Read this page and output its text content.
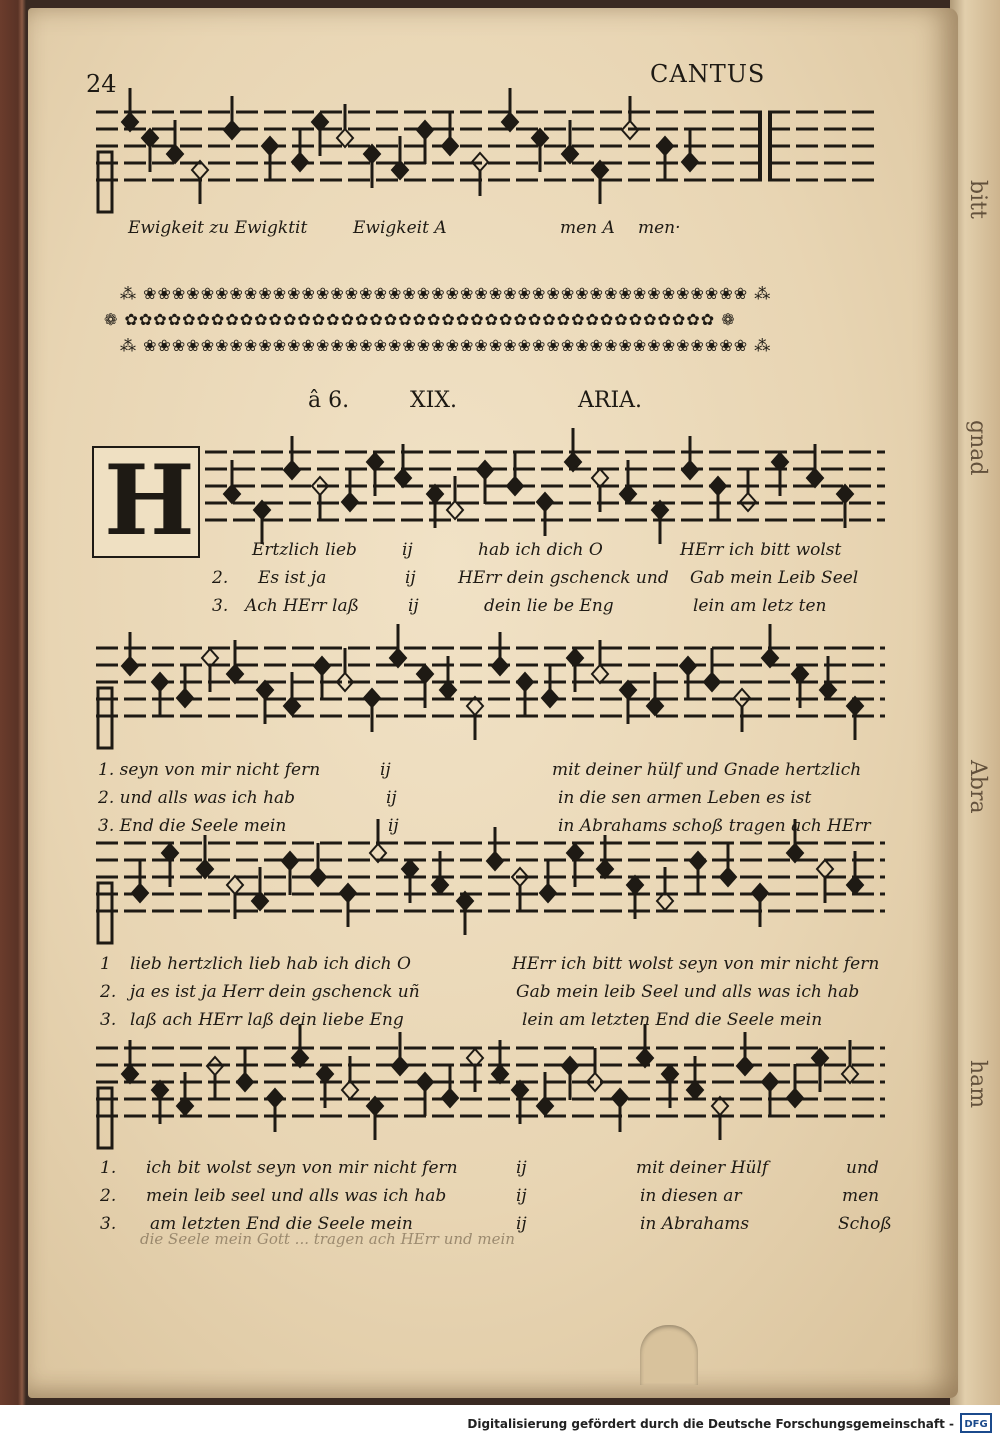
bitt
gnad
Abra
ham
24	CANTUS
Ewigkeit zu Ewigktit	Ewigkeit A	men A men·
⁂ ❀❀❀❀❀❀❀❀❀❀❀❀❀❀❀❀❀❀❀❀❀❀❀❀❀❀❀❀❀❀❀❀❀❀❀❀❀❀❀❀❀❀ ⁂
❁ ✿✿✿✿✿✿✿✿✿✿✿✿✿✿✿✿✿✿✿✿✿✿✿✿✿✿✿✿✿✿✿✿✿✿✿✿✿✿✿✿✿ ❁
⁂ ❀❀❀❀❀❀❀❀❀❀❀❀❀❀❀❀❀❀❀❀❀❀❀❀❀❀❀❀❀❀❀❀❀❀❀❀❀❀❀❀❀❀ ⁂
â 6.	XIX.	ARIA.
H	Ertzlich lieb	ij	hab ich dich O	HErr ich bitt wolst
2. Es ist ja	ij HErr dein gschenck und Gab mein Leib Seel
3. Ach HErr laß	ij	dein lie be Eng	lein am letz ten
1. seyn von mir nicht fern	ij	mit deiner hülf und Gnade hertzlich
2. und alls was ich hab	ij	in die sen armen Leben es ist
3. End die Seele mein	ij	in Abrahams schoß tragen ach HErr
1 lieb hertzlich lieb hab ich dich O	HErr ich bitt wolst seyn von mir nicht fern
2. ja es ist ja Herr dein gschenck uñ	Gab mein leib Seel und alls was ich hab
3. laß ach HErr laß dein liebe Eng	lein am letzten End die Seele mein
1. ich bit wolst seyn von mir nicht fern	ij	mit deiner Hülf	und
2. mein leib seel und alls was ich hab	ij	in diesen ar	men
3. am letzten End die Seele mein	ij	in Abrahams	Schoß
die Seele mein Gott ... tragen ach HErr und mein
Digitalisierung gefördert durch die Deutsche Forschungsgemeinschaft -	DFG
